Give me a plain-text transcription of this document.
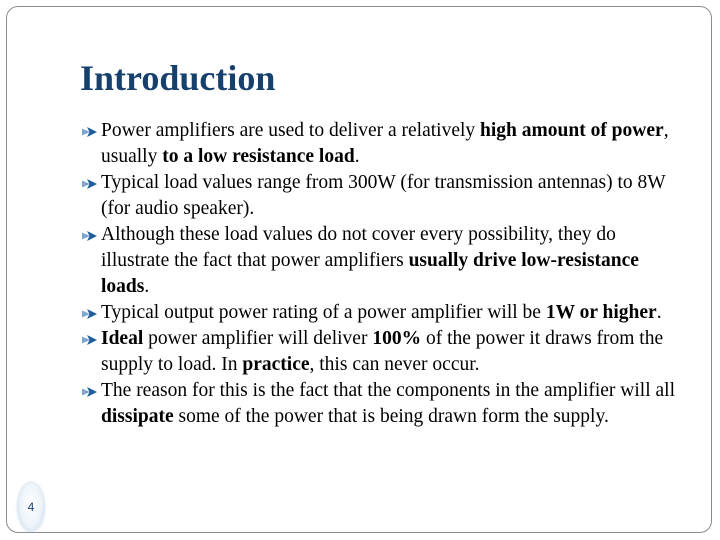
Introduction
Power amplifiers are used to deliver a relatively high amount of power, usually to a low resistance load.
Typical load values range from 300W (for transmission antennas) to 8W (for audio speaker).
Although these load values do not cover every possibility, they do illustrate the fact that power amplifiers usually drive low-resistance loads.
Typical output power rating of a power amplifier will be 1W or higher.
Ideal power amplifier will deliver 100% of the power it draws from the supply to load. In practice, this can never occur.
The reason for this is the fact that the components in the amplifier will all dissipate some of the power that is being drawn form the supply.
4
